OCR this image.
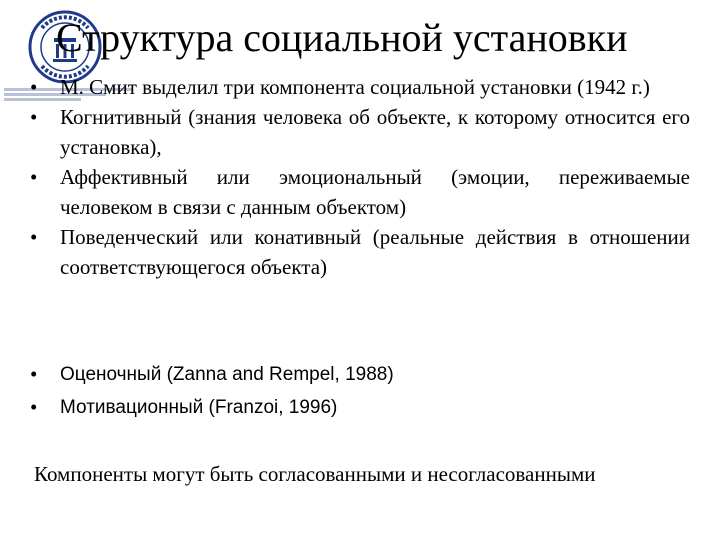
Структура социальной установки
• М. Смит выделил три компонента социальной установки (1942 г.)
• Когнитивный (знания человека об объекте, к которому относится его установка),
• Аффективный или эмоциональный (эмоции, переживаемые человеком в связи с данным объектом)
• Поведенческий или конативный (реальные действия в отношении соответствующегося объекта)
• Оценочный (Zanna and Rempel, 1988)
• Мотивационный (Franzoi, 1996)
Компоненты могут быть согласованными и несогласованными
